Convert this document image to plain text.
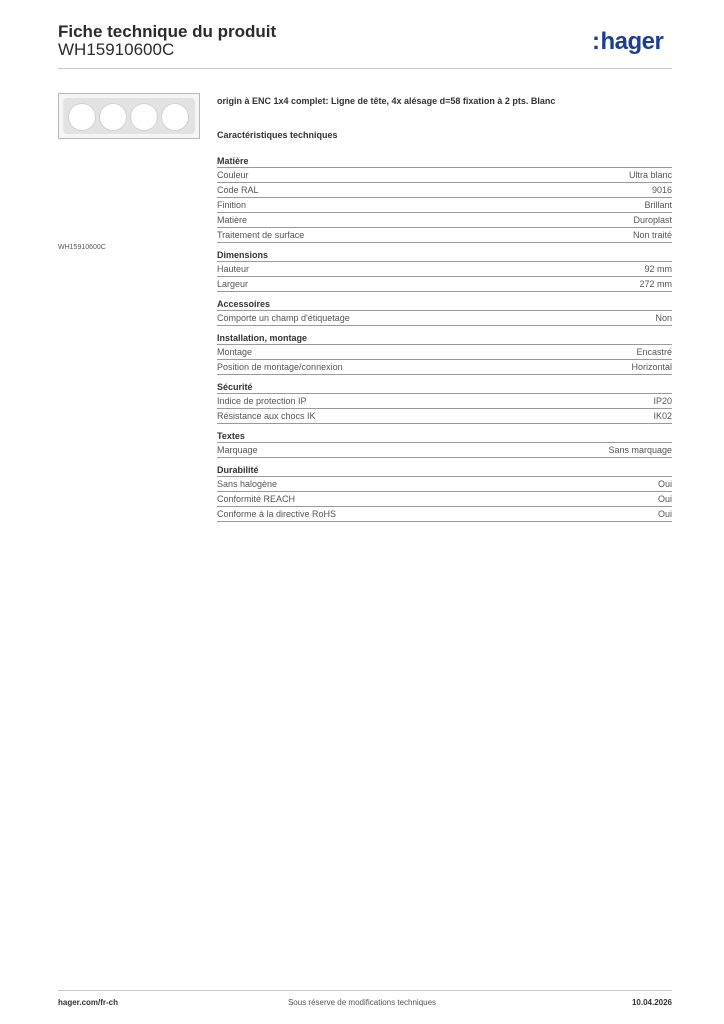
Fiche technique du produit
WH15910600C	:hager
WH15910600C
origin à ENC 1x4 complet: Ligne de tête, 4x alésage d=58 fixation à 2 pts. Blanc
Caractéristiques techniques
Matière
Couleur	Ultra blanc
Code RAL	9016
Finition	Brillant
Matière	Duroplast
Traitement de surface	Non traité
Dimensions
Hauteur	92 mm
Largeur	272 mm
Accessoires
Comporte un champ d'étiquetage	Non
Installation, montage
Montage	Encastré
Position de montage/connexion	Horizontal
Sécurité
Indice de protection IP	IP20
Résistance aux chocs IK	IK02
Textes
Marquage	Sans marquage
Durabilité
Sans halogène	Oui
Conformité REACH	Oui
Conforme à la directive RoHS	Oui
hager.com/fr-ch	Sous réserve de modifications techniques	10.04.2026
